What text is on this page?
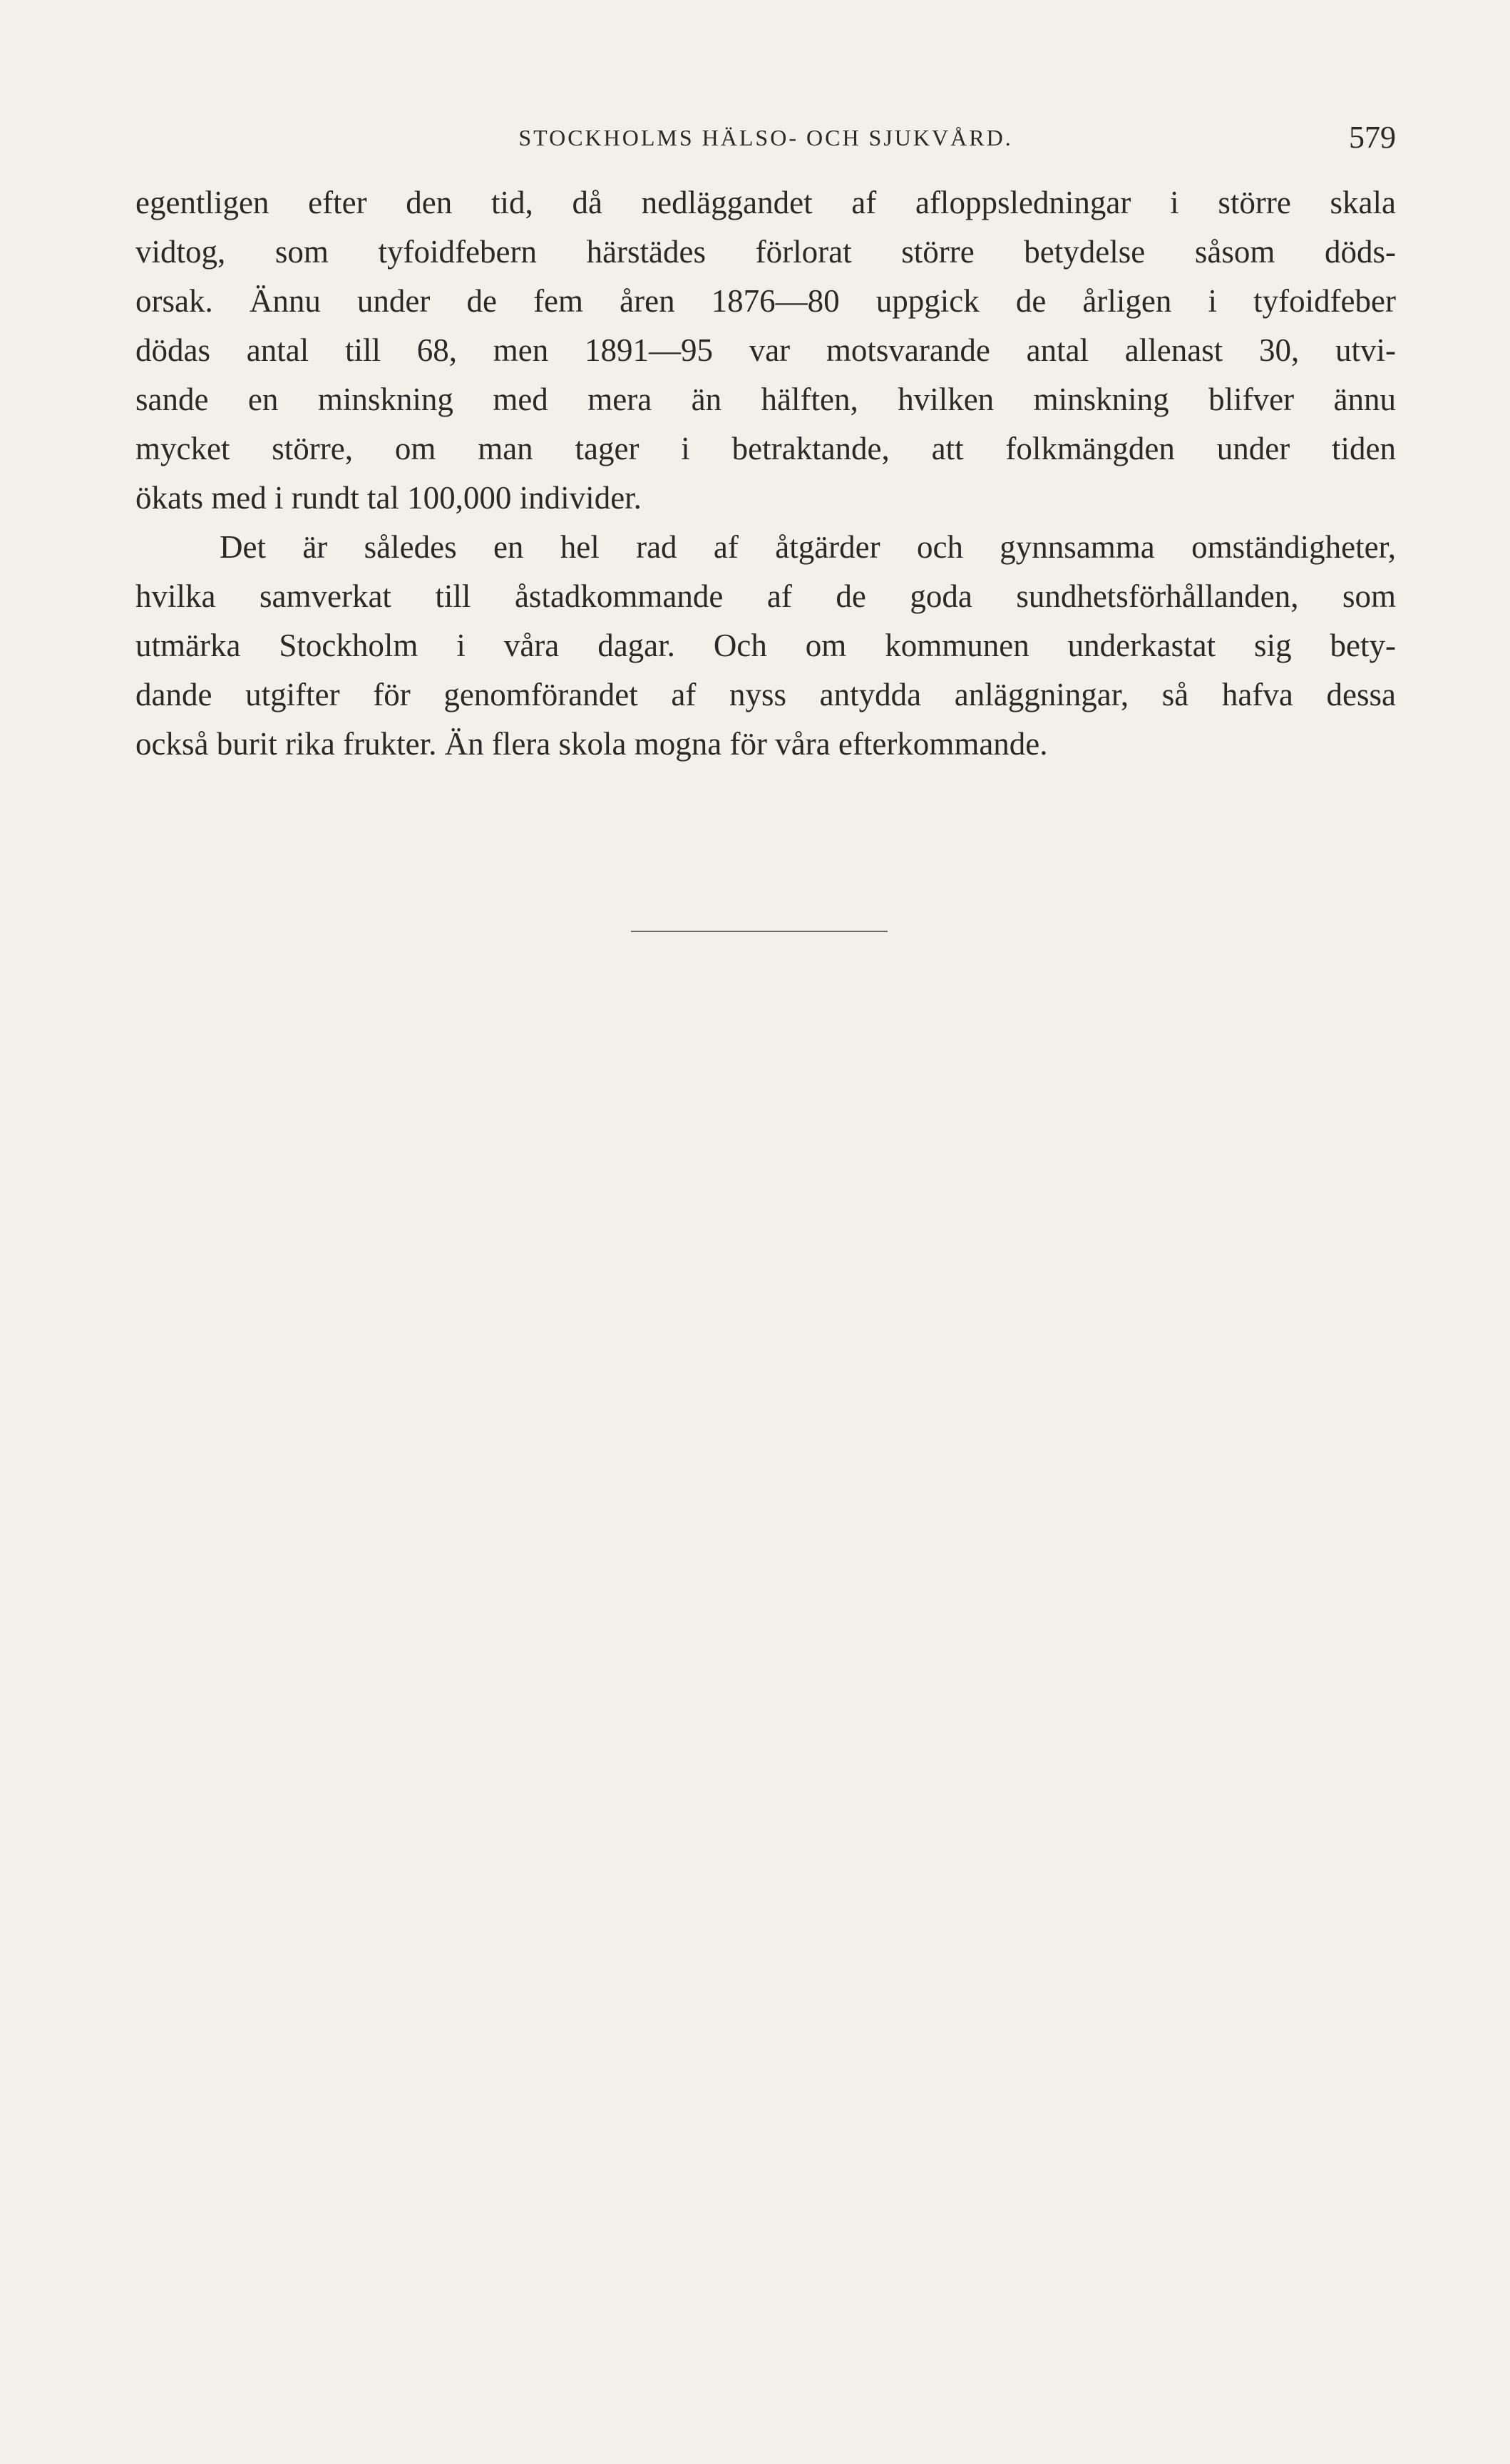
STOCKHOLMS HÄLSO- OCH SJUKVÅRD.	579
egentligen efter den tid, då nedläggandet af afloppsledningar i större skala
vidtog, som tyfoidfebern härstädes förlorat större betydelse såsom döds-
orsak. Ännu under de fem åren 1876—80 uppgick de årligen i tyfoidfeber
dödas antal till 68, men 1891—95 var motsvarande antal allenast 30, utvi-
sande en minskning med mera än hälften, hvilken minskning blifver ännu
mycket större, om man tager i betraktande, att folkmängden under tiden
ökats med i rundt tal 100,000 individer.
Det är således en hel rad af åtgärder och gynnsamma omständigheter,
hvilka samverkat till åstadkommande af de goda sundhetsförhållanden, som
utmärka Stockholm i våra dagar. Och om kommunen underkastat sig bety-
dande utgifter för genomförandet af nyss antydda anläggningar, så hafva dessa
också burit rika frukter. Än flera skola mogna för våra efterkommande.
